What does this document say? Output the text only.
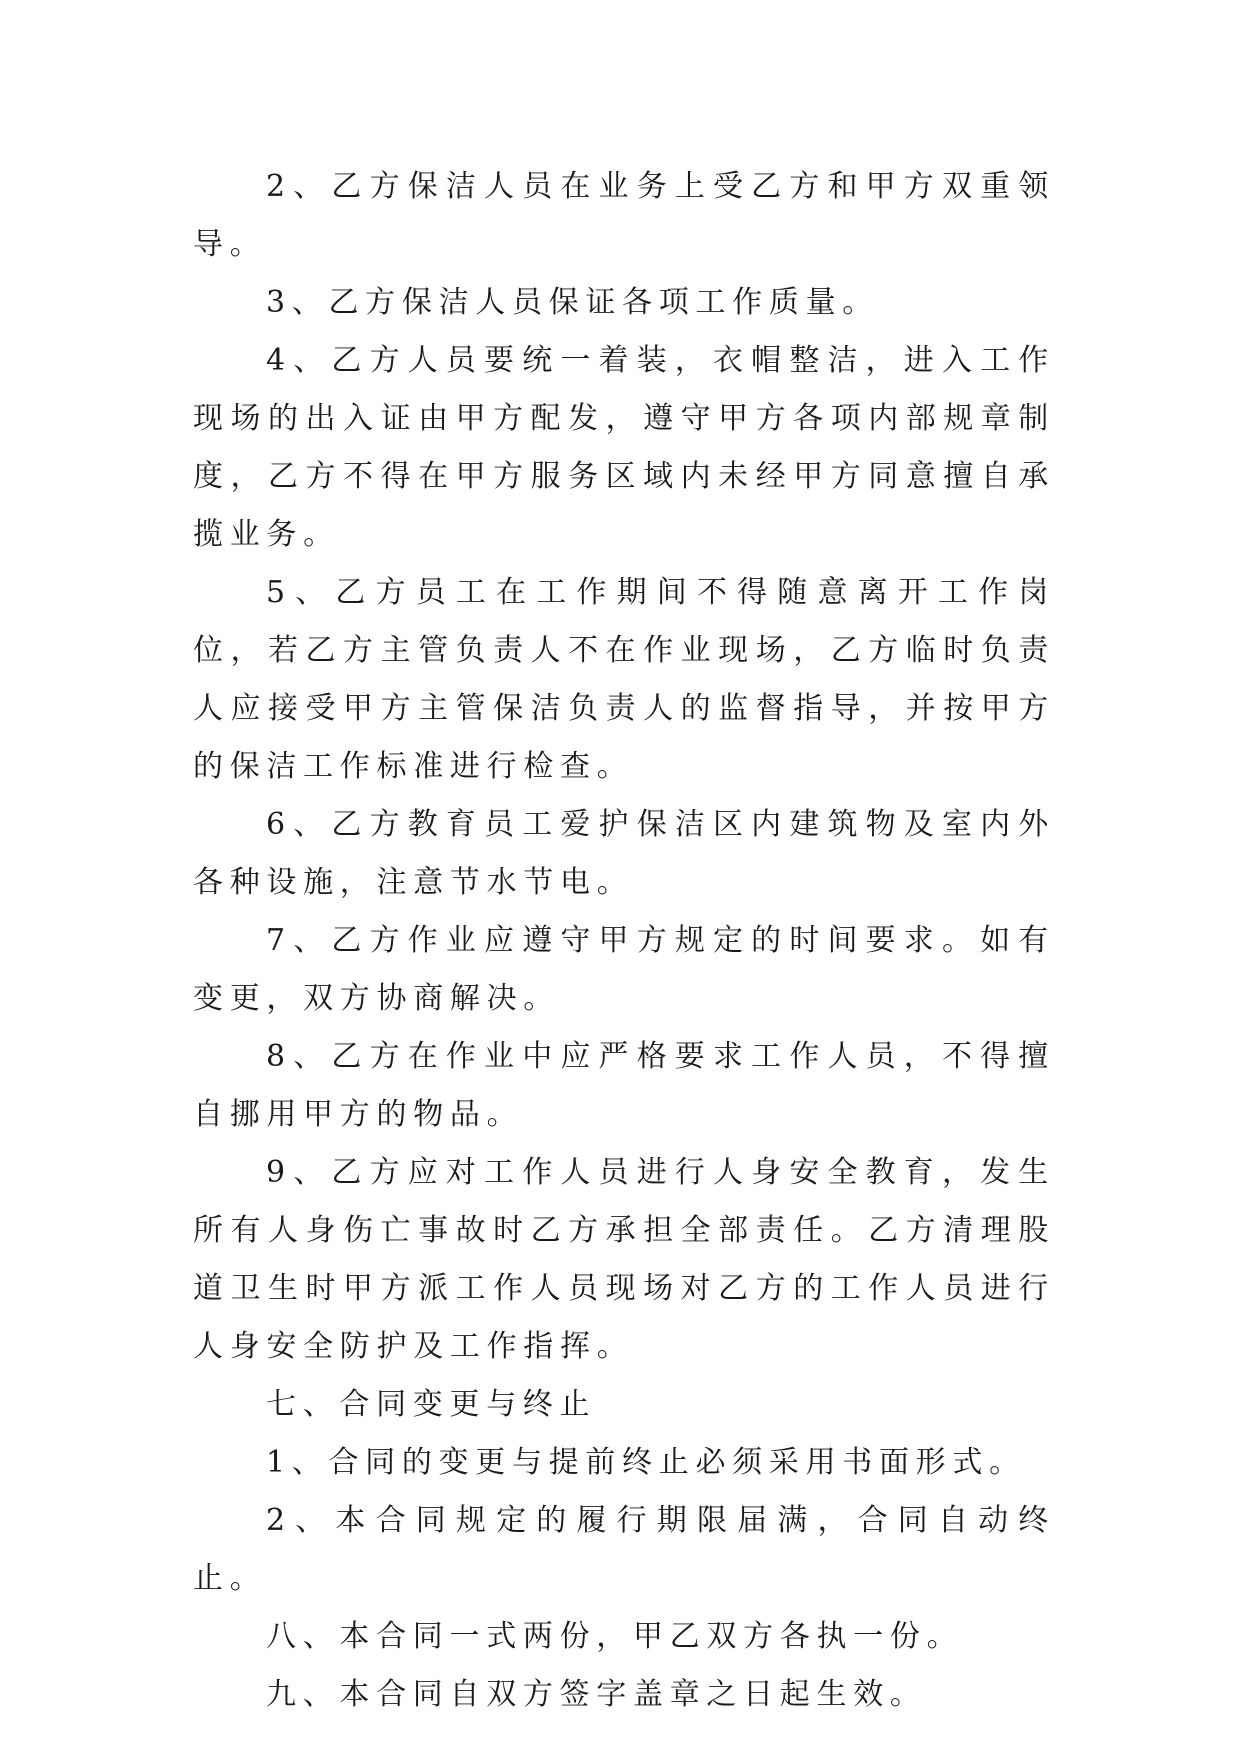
2、乙方保洁人员在业务上受乙方和甲方双重领导。

3、乙方保洁人员保证各项工作质量。

4、乙方人员要统一着装，衣帽整洁，进入工作现场的出入证由甲方配发，遵守甲方各项内部规章制度，乙方不得在甲方服务区域内未经甲方同意擅自承揽业务。

5、乙方员工在工作期间不得随意离开工作岗位，若乙方主管负责人不在作业现场，乙方临时负责人应接受甲方主管保洁负责人的监督指导，并按甲方的保洁工作标准进行检查。

6、乙方教育员工爱护保洁区内建筑物及室内外各种设施，注意节水节电。

7、乙方作业应遵守甲方规定的时间要求。如有变更，双方协商解决。

8、乙方在作业中应严格要求工作人员，不得擅自挪用甲方的物品。

9、乙方应对工作人员进行人身安全教育，发生所有人身伤亡事故时乙方承担全部责任。乙方清理股道卫生时甲方派工作人员现场对乙方的工作人员进行人身安全防护及工作指挥。

七、合同变更与终止

1、合同的变更与提前终止必须采用书面形式。

2、本合同规定的履行期限届满，合同自动终止。

八、本合同一式两份，甲乙双方各执一份。

九、本合同自双方签字盖章之日起生效。
